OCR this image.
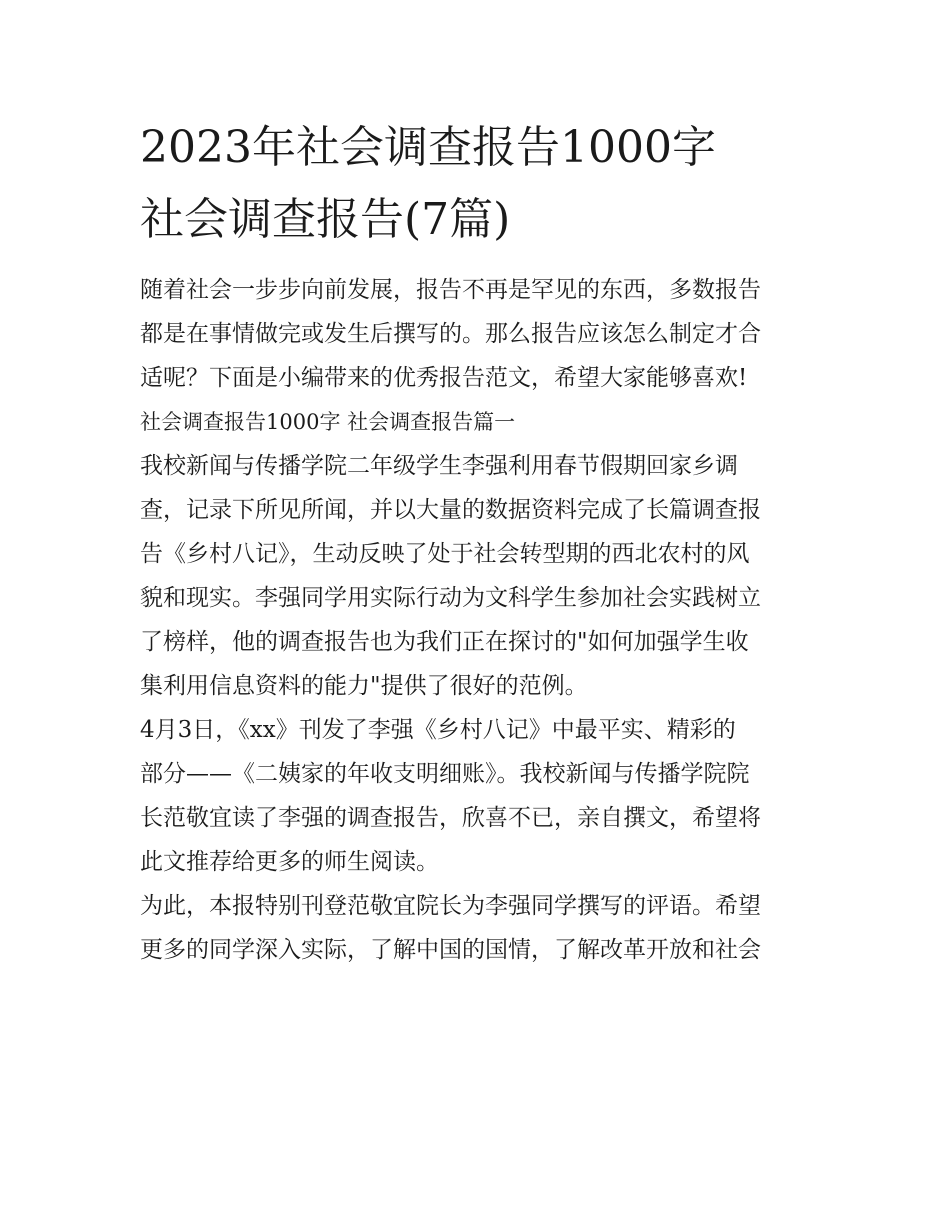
2023年社会调查报告1000字
社会调查报告(7篇)

随着社会一步步向前发展，报告不再是罕见的东西，多数报告
都是在事情做完或发生后撰写的。那么报告应该怎么制定才合
适呢？下面是小编带来的优秀报告范文，希望大家能够喜欢!

社会调查报告1000字 社会调查报告篇一

我校新闻与传播学院二年级学生李强利用春节假期回家乡调
查，记录下所见所闻，并以大量的数据资料完成了长篇调查报
告《乡村八记》，生动反映了处于社会转型期的西北农村的风
貌和现实。李强同学用实际行动为文科学生参加社会实践树立
了榜样，他的调查报告也为我们正在探讨的"如何加强学生收
集利用信息资料的能力"提供了很好的范例。

4月3日，《xx》刊发了李强《乡村八记》中最平实、精彩的
部分——《二姨家的年收支明细账》。我校新闻与传播学院院
长范敬宜读了李强的调查报告，欣喜不已，亲自撰文，希望将
此文推荐给更多的师生阅读。

为此，本报特别刊登范敬宜院长为李强同学撰写的评语。希望
更多的同学深入实际，了解中国的国情，了解改革开放和社会
